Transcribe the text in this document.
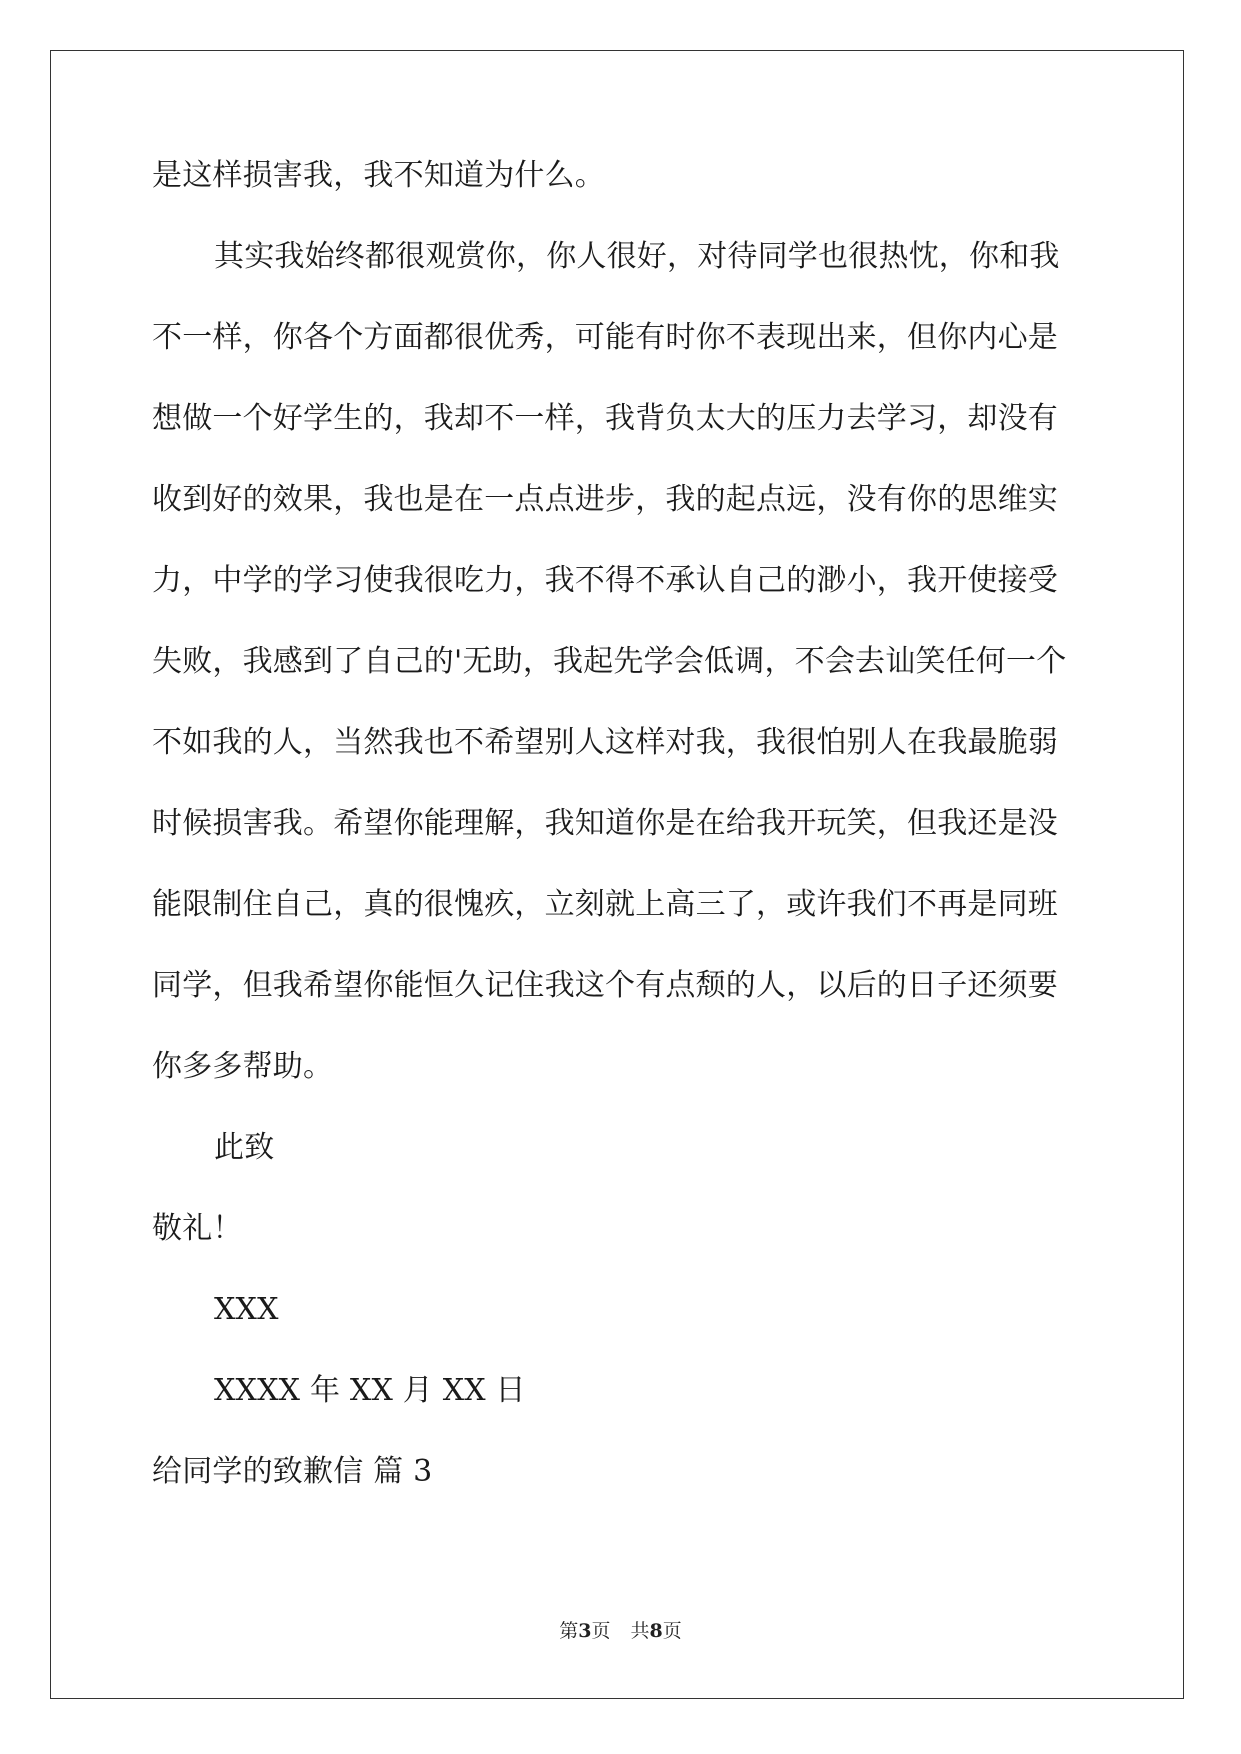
是这样损害我，我不知道为什么。
其实我始终都很观赏你，你人很好，对待同学也很热忱，你和我
不一样，你各个方面都很优秀，可能有时你不表现出来，但你内心是
想做一个好学生的，我却不一样，我背负太大的压力去学习，却没有
收到好的效果，我也是在一点点进步，我的起点远，没有你的思维实
力，中学的学习使我很吃力，我不得不承认自己的渺小，我开使接受
失败，我感到了自己的'无助，我起先学会低调，不会去讪笑任何一个
不如我的人，当然我也不希望别人这样对我，我很怕别人在我最脆弱
时候损害我。希望你能理解，我知道你是在给我开玩笑，但我还是没
能限制住自己，真的很愧疚，立刻就上高三了，或许我们不再是同班
同学，但我希望你能恒久记住我这个有点颓的人，以后的日子还须要
你多多帮助。
此致
敬礼！
XXX
XXXX 年 XX 月 XX 日
给同学的致歉信 篇 3
第3页 共8页
